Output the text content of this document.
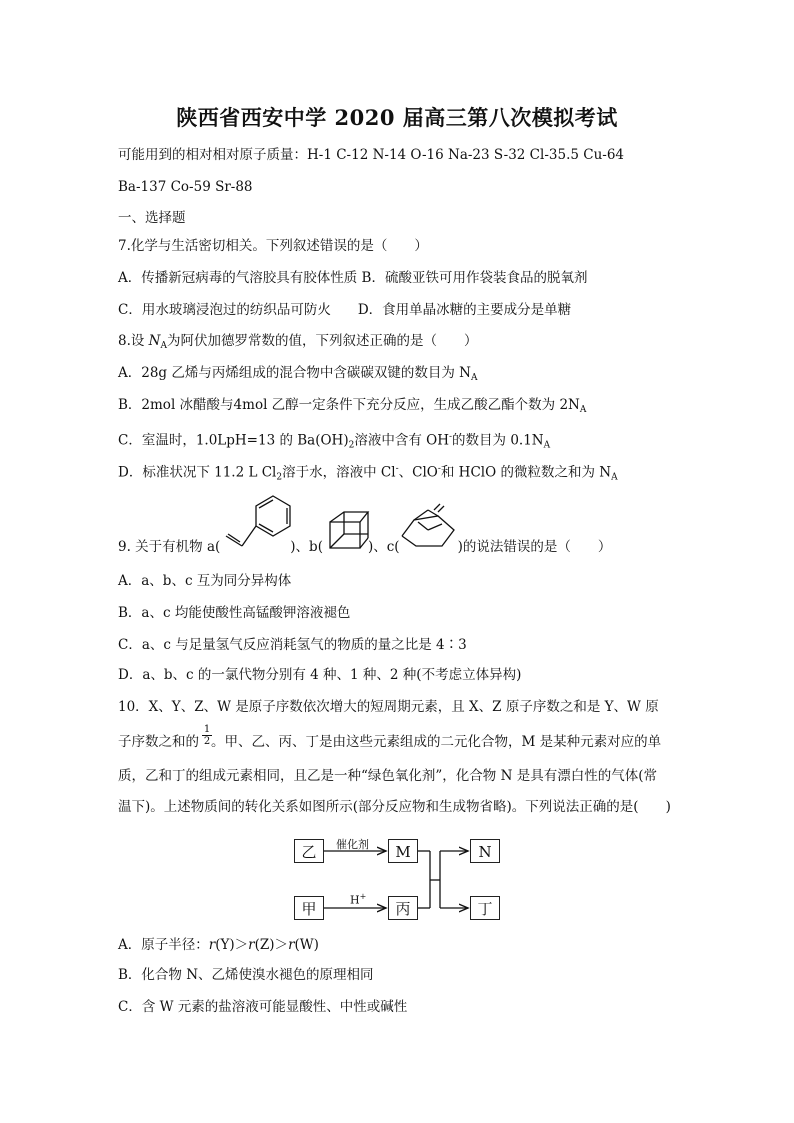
陕西省西安中学 2020 届高三第八次模拟考试
可能用到的相对相对原子质量：H-1 C-12 N-14 O-16 Na-23 S-32 Cl-35.5 Cu-64
Ba-137 Co-59 Sr-88
一、选择题
7.化学与生活密切相关。下列叙述错误的是（　　）
A．传播新冠病毒的气溶胶具有胶体性质 B．硫酸亚铁可用作袋装食品的脱氧剂
C．用水玻璃浸泡过的纺织品可防火　　D．食用单晶冰糖的主要成分是单糖
8.设 $N_A$为阿伏加德罗常数的值，下列叙述正确的是（　　）
A．28g 乙烯与丙烯组成的混合物中含碳碳双键的数目为 $N_A$
B．2mol 冰醋酸与4mol 乙醇一定条件下充分反应，生成乙酸乙酯个数为 $2N_A$
C．室温时，1.0LpH=13 的 $Ba(OH)_2$溶液中含有 OH-的数目为 $0.1N_A$
D．标准状况下 11.2 L $Cl_2$溶于水，溶液中 Cl-、ClO-和 HClO 的微粒数之和为 $N_A$
9. 关于有机物 a(	)、b(	)、c(	)的说法错误的是（　　）
A．a、b、c 互为同分异构体
B．a、c 均能使酸性高锰酸钾溶液褪色
C．a、c 与足量氢气反应消耗氢气的物质的量之比是 4∶3
D．a、b、c 的一氯代物分别有 4 种、1 种、2 种(不考虑立体异构)
10．X、Y、Z、W 是原子序数依次增大的短周期元素，且 X、Z 原子序数之和是 Y、W 原
子序数之和的 。甲、乙、丙、丁是由这些元素组成的二元化合物，M 是某种元素对应的单
$\frac{1}{2}$
质，乙和丁的组成元素相同，且乙是一种“绿色氧化剂”，化合物 N 是具有漂白性的气体(常
温下)。上述物质间的转化关系如图所示(部分反应物和生成物省略)。下列说法正确的是(　　)
乙	M	N
甲	丙	丁
催化剂
H+
A．原子半径：r(Y)＞r(Z)＞r(W)
B．化合物 N、乙烯使溴水褪色的原理相同
C．含 W 元素的盐溶液可能显酸性、中性或碱性
